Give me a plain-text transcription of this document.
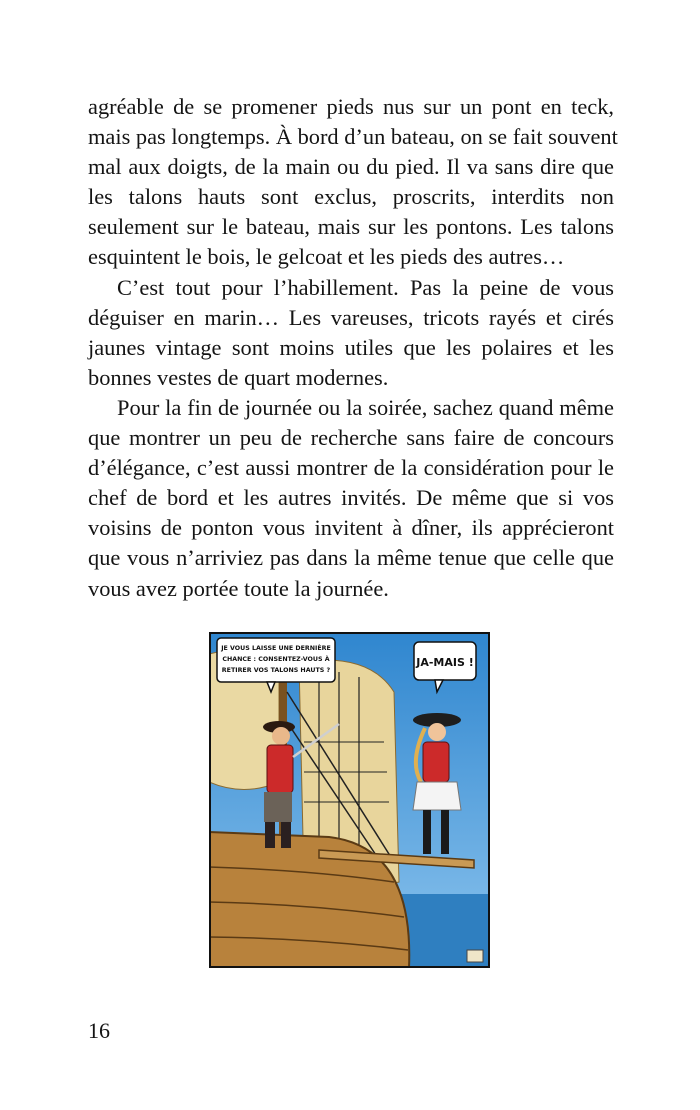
agréable de se promener pieds nus sur un pont en teck,
mais pas longtemps. À bord d’un bateau, on se fait souvent
mal aux doigts, de la main ou du pied. Il va sans dire que
les talons hauts sont exclus, proscrits, interdits non
seulement sur le bateau, mais sur les pontons. Les talons
esquintent le bois, le gelcoat et les pieds des autres…

C’est tout pour l’habillement. Pas la peine de vous
déguiser en marin… Les vareuses, tricots rayés et cirés
jaunes vintage sont moins utiles que les polaires et les
bonnes vestes de quart modernes.

Pour la fin de journée ou la soirée, sachez quand même
que montrer un peu de recherche sans faire de concours
d’élégance, c’est aussi montrer de la considération pour le
chef de bord et les autres invités. De même que si vos
voisins de ponton vous invitent à dîner, ils apprécieront
que vous n’arriviez pas dans la même tenue que celle que
vous avez portée toute la journée.

JE VOUS LAISSE UNE DERNIÈRE
CHANCE : CONSENTEZ-VOUS À
RETIRER VOS TALONS HAUTS ?
JA-MAIS !
16
